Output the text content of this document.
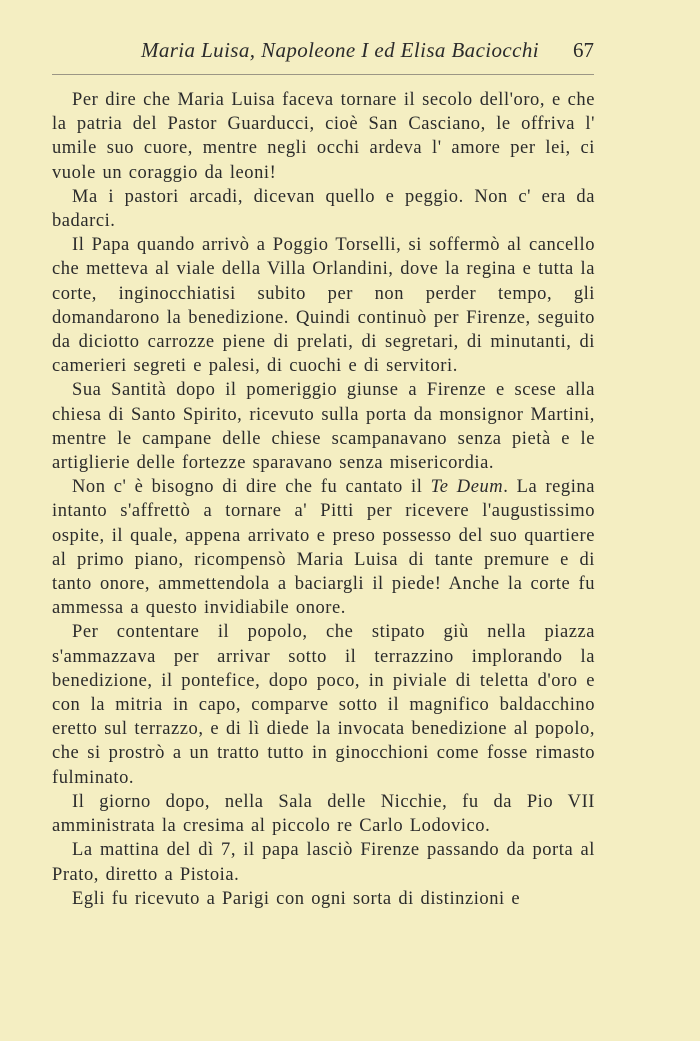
Maria Luisa, Napoleone I ed Elisa Baciocchi 67

Per dire che Maria Luisa faceva tornare il secolo dell'oro, e che la patria del Pastor Guarducci, cioè San Casciano, le offriva l' umile suo cuore, mentre negli occhi ardeva l' amore per lei, ci vuole un coraggio da leoni!

Ma i pastori arcadi, dicevan quello e peggio. Non c' era da badarci.

Il Papa quando arrivò a Poggio Torselli, si soffermò al cancello che metteva al viale della Villa Orlandini, dove la regina e tutta la corte, inginocchiatisi subito per non perder tempo, gli domandarono la benedizione. Quindi continuò per Firenze, seguito da diciotto carrozze piene di prelati, di segretari, di minutanti, di camerieri segreti e palesi, di cuochi e di servitori.

Sua Santità dopo il pomeriggio giunse a Firenze e scese alla chiesa di Santo Spirito, ricevuto sulla porta da monsignor Martini, mentre le campane delle chiese scampanavano senza pietà e le artiglierie delle fortezze sparavano senza misericordia.

Non c' è bisogno di dire che fu cantato il Te Deum. La regina intanto s'affrettò a tornare a' Pitti per ricevere l'augustissimo ospite, il quale, appena arrivato e preso possesso del suo quartiere al primo piano, ricompensò Maria Luisa di tante premure e di tanto onore, ammettendola a baciargli il piede! Anche la corte fu ammessa a questo invidiabile onore.

Per contentare il popolo, che stipato giù nella piazza s'ammazzava per arrivar sotto il terrazzino implorando la benedizione, il pontefice, dopo poco, in piviale di teletta d'oro e con la mitria in capo, comparve sotto il magnifico baldacchino eretto sul terrazzo, e di lì diede la invocata benedizione al popolo, che si prostrò a un tratto tutto in ginocchioni come fosse rimasto fulminato.

Il giorno dopo, nella Sala delle Nicchie, fu da Pio VII amministrata la cresima al piccolo re Carlo Lodovico.

La mattina del dì 7, il papa lasciò Firenze passando da porta al Prato, diretto a Pistoia.

Egli fu ricevuto a Parigi con ogni sorta di distinzioni e
